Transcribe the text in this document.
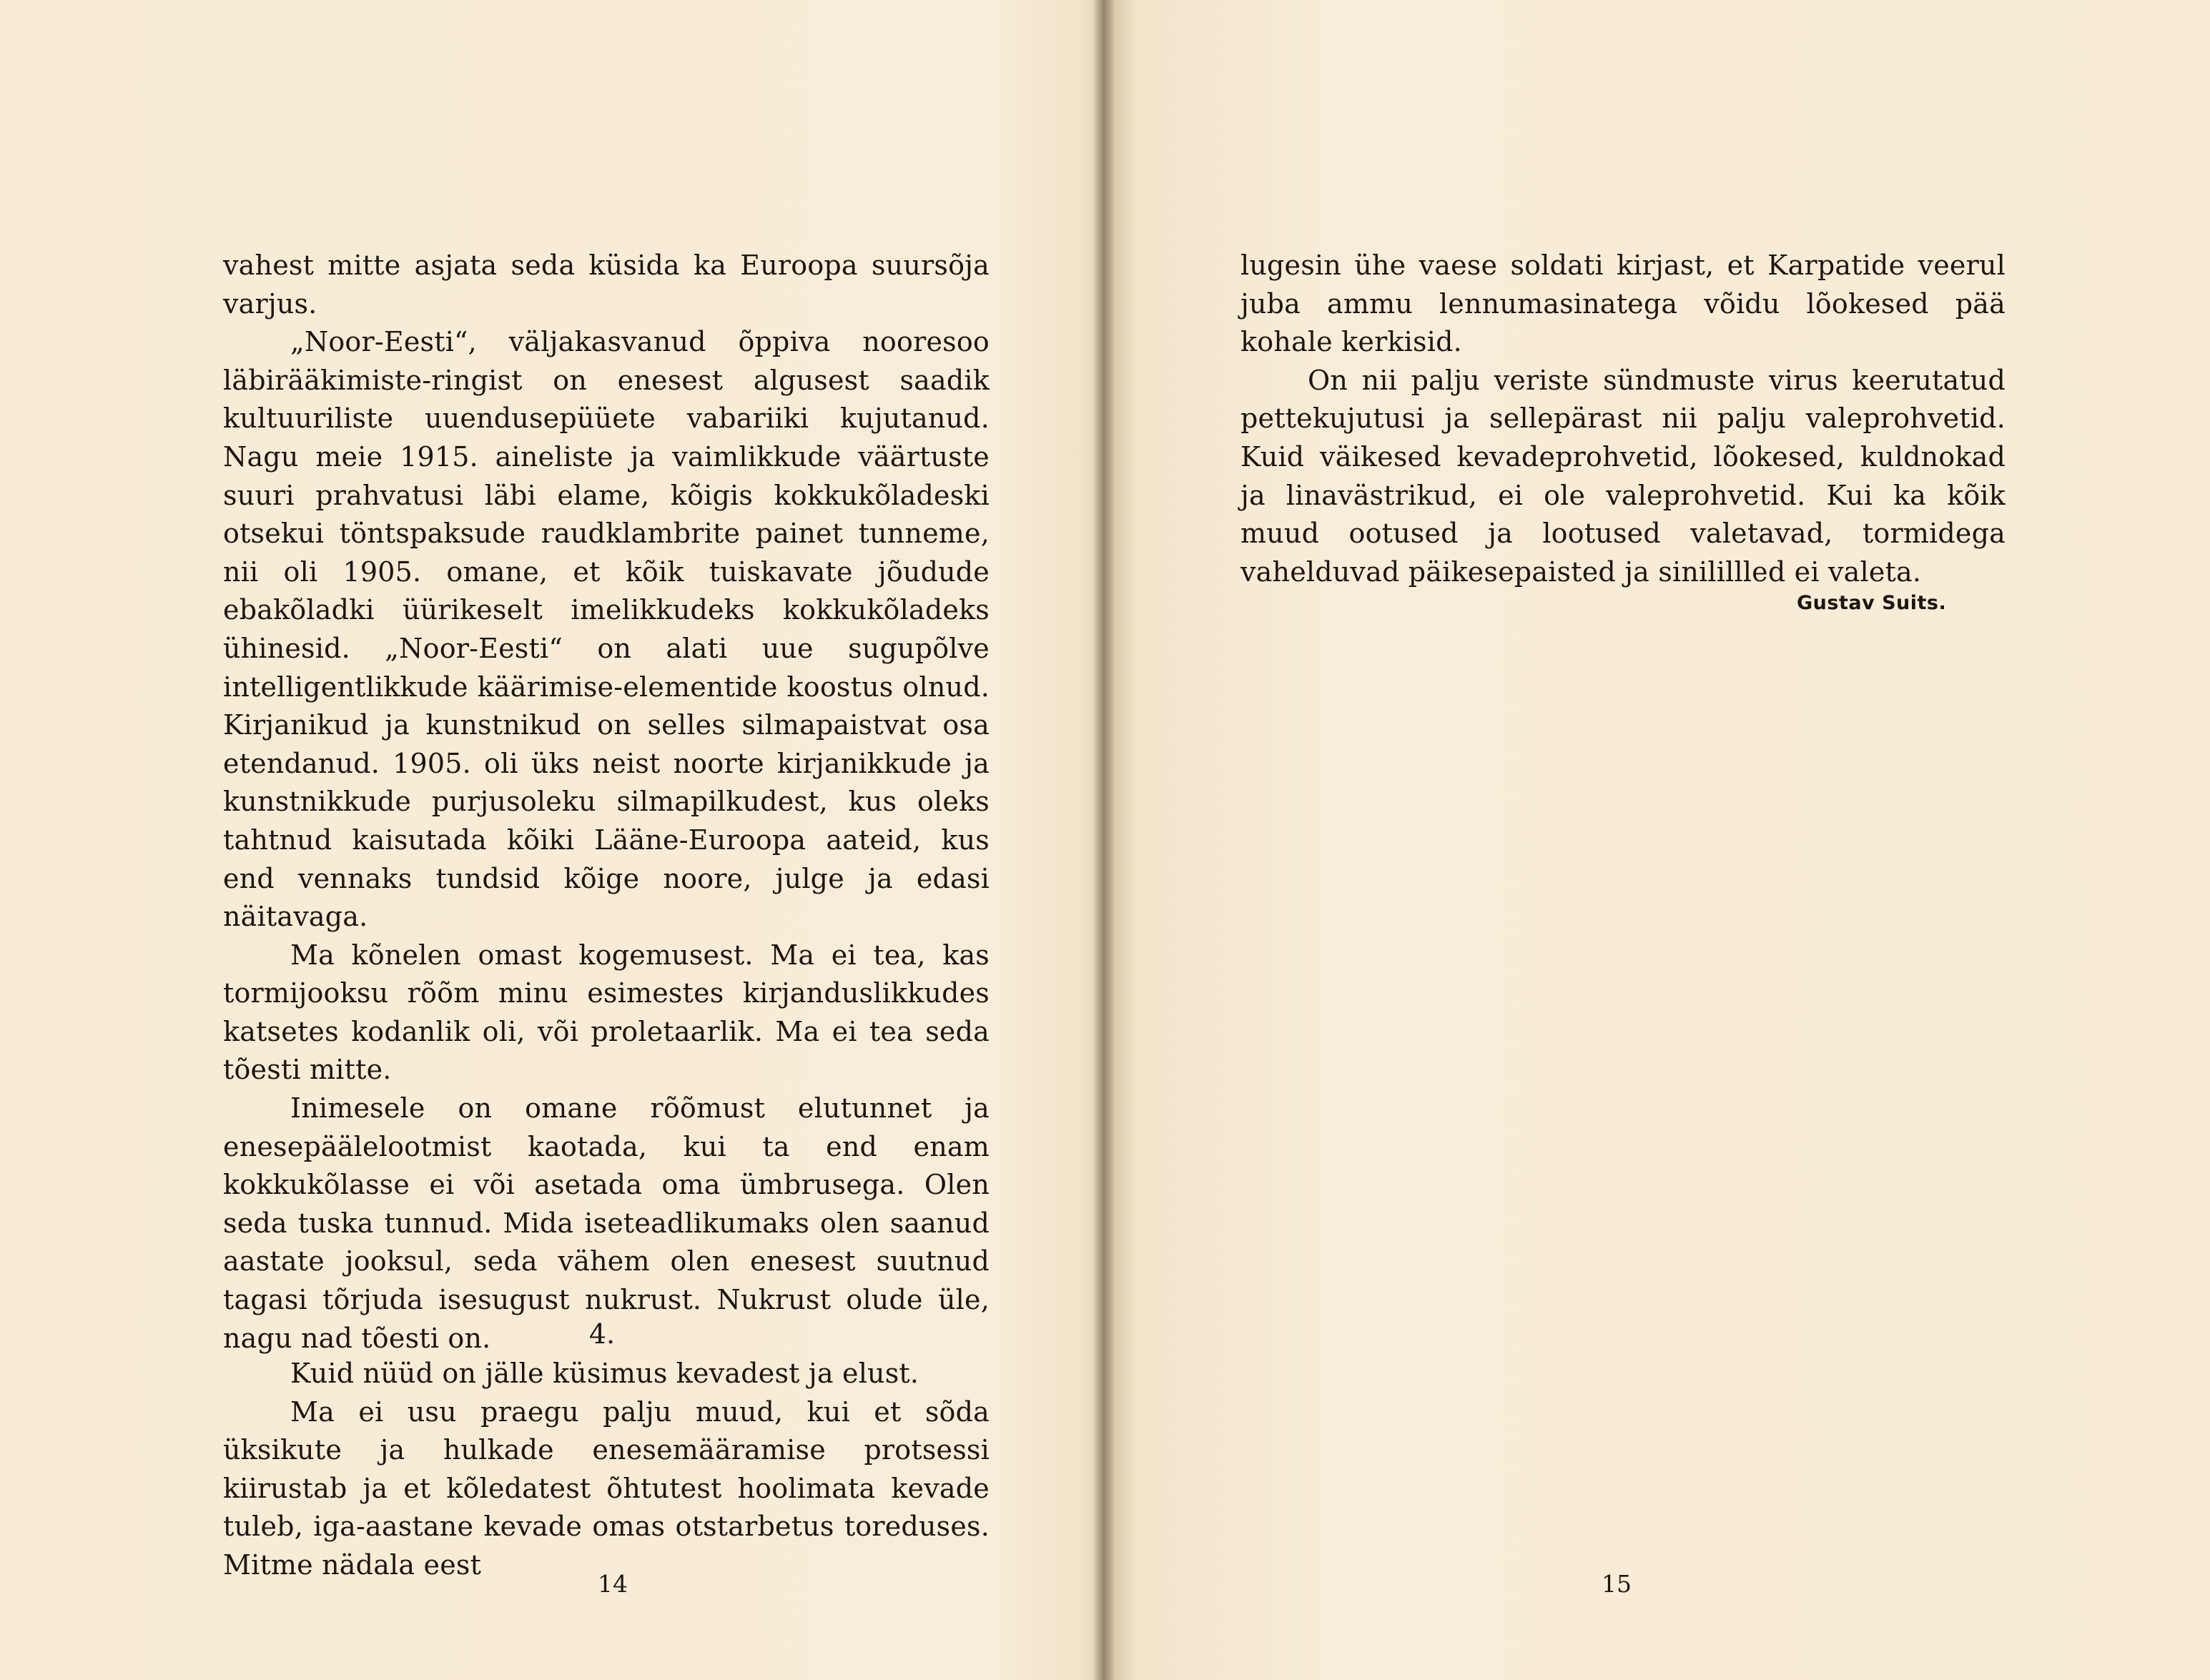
vahest mitte asjata seda küsida ka Euroopa suursõja varjus.

„Noor-Eesti“, väljakasvanud õppiva nooresoo läbirääkimiste-ringist on enesest algusest saadik kultuuriliste uuendusepüüete vabariiki kujutanud. Nagu meie 1915. aineliste ja vaimlikkude väärtuste suuri prahvatusi läbi elame, kõigis kokkukõladeski otsekui töntspaksude raudklambrite painet tunneme, nii oli 1905. omane, et kõik tuiskavate jõudude ebakõladki üürikeselt imelikkudeks kokkukõladeks ühinesid. „Noor-Eesti“ on alati uue sugupõlve intelligentlikkude käärimise-elementide koostus olnud. Kirjanikud ja kunstnikud on selles silmapaistvat osa etendanud. 1905. oli üks neist noorte kirjanikkude ja kunstnikkude purjusoleku silmapilkudest, kus oleks tahtnud kaisutada kõiki Lääne-Euroopa aateid, kus end vennaks tundsid kõige noore, julge ja edasi näitavaga.

Ma kõnelen omast kogemusest. Ma ei tea, kas tormijooksu rõõm minu esimestes kirjanduslikkudes katsetes kodanlik oli, või proletaarlik. Ma ei tea seda tõesti mitte.

Inimesele on omane rõõmust elutunnet ja enesepäälelootmist kaotada, kui ta end enam kokkukõlasse ei või asetada oma ümbrusega. Olen seda tuska tunnud. Mida iseteadlikumaks olen saanud aastate jooksul, seda vähem olen enesest suutnud tagasi tõrjuda isesugust nukrust. Nukrust olude üle, nagu nad tõesti on.	4.

Kuid nüüd on jälle küsimus kevadest ja elust.

Ma ei usu praegu palju muud, kui et sõda üksikute ja hulkade enesemääramise protsessi kiirustab ja et kõledatest õhtutest hoolimata kevade tuleb, iga-aastane kevade omas otstarbetus toreduses. Mitme nädala eest

14

lugesin ühe vaese soldati kirjast, et Karpatide veerul juba ammu lennumasinatega võidu lõokesed pää kohale kerkisid.

On nii palju veriste sündmuste virus keerutatud pettekujutusi ja sellepärast nii palju valeprohvetid. Kuid väikesed kevadeprohvetid, lõokesed, kuldnokad ja linavästrikud, ei ole valeprohvetid. Kui ka kõik muud ootused ja lootused valetavad, tormidega vahelduvad päikesepaisted ja sinilillled ei valeta.

Gustav Suits.
15
